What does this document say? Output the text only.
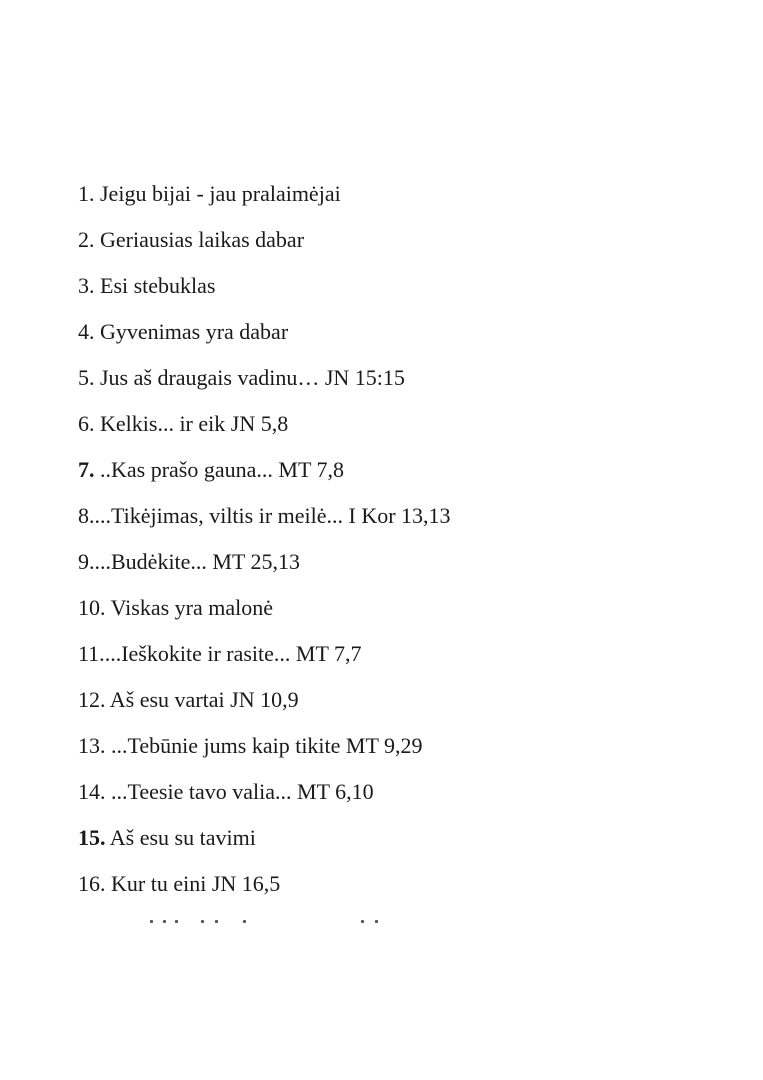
1. Jeigu bijai - jau pralaimėjai
2. Geriausias laikas dabar
3. Esi stebuklas
4. Gyvenimas yra dabar
5. Jus aš draugais vadinu… JN 15:15
6. Kelkis... ir eik JN 5,8
7. ..Kas prašo gauna... MT 7,8
8....Tikėjimas, viltis ir meilė... I Kor 13,13
9....Budėkite... MT 25,13
10. Viskas yra malonė
11....Ieškokite ir rasite... MT 7,7
12. Aš esu vartai JN 10,9
13. ...Tebūnie jums kaip tikite MT 9,29
14. ...Teesie tavo valia... MT 6,10
15. Aš esu su tavimi
16. Kur tu eini JN 16,5
